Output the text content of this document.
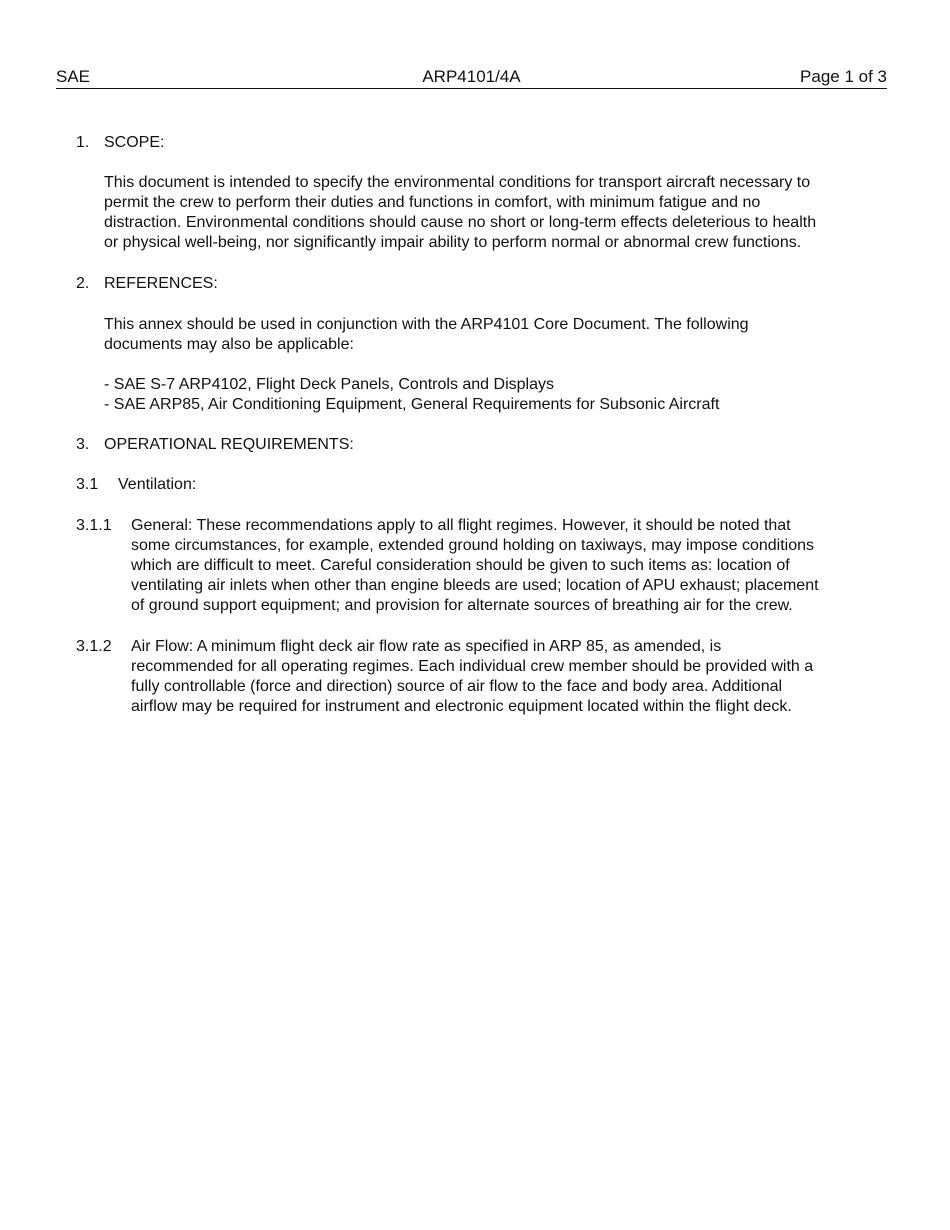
SAE	ARP4101/4A	Page 1 of 3
1. SCOPE:

This document is intended to specify the environmental conditions for transport aircraft necessary to
permit the crew to perform their duties and functions in comfort, with minimum fatigue and no
distraction. Environmental conditions should cause no short or long-term effects deleterious to health
or physical well-being, nor significantly impair ability to perform normal or abnormal crew functions.

2. REFERENCES:

This annex should be used in conjunction with the ARP4101 Core Document. The following
documents may also be applicable:

- SAE S-7 ARP4102, Flight Deck Panels, Controls and Displays
- SAE ARP85, Air Conditioning Equipment, General Requirements for Subsonic Aircraft
3. OPERATIONAL REQUIREMENTS:
3.1 Ventilation:
3.1.1 General: These recommendations apply to all flight regimes. However, it should be noted that
some circumstances, for example, extended ground holding on taxiways, may impose conditions
which are difficult to meet. Careful consideration should be given to such items as: location of
ventilating air inlets when other than engine bleeds are used; location of APU exhaust; placement
of ground support equipment; and provision for alternate sources of breathing air for the crew.

3.1.2 Air Flow: A minimum flight deck air flow rate as specified in ARP 85, as amended, is
recommended for all operating regimes. Each individual crew member should be provided with a
fully controllable (force and direction) source of air flow to the face and body area. Additional
airflow may be required for instrument and electronic equipment located within the flight deck.
